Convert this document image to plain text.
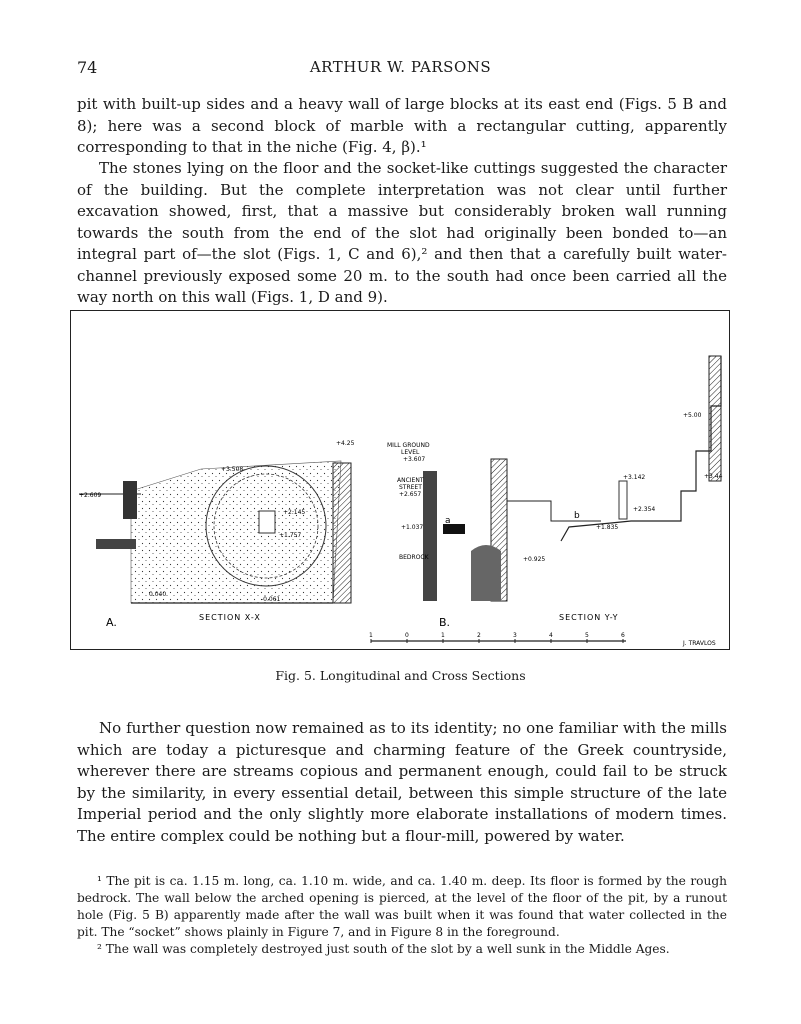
74	ARTHUR W. PARSONS

pit with built-up sides and a heavy wall of large blocks at its east end (Figs. 5 B and 8); here was a second block of marble with a rectangular cutting, apparently corresponding to that in the niche (Fig. 4, β).¹

The stones lying on the floor and the socket-like cuttings suggested the character of the building. But the complete interpretation was not clear until further excavation showed, first, that a massive but considerably broken wall running towards the south from the end of the slot had originally been bonded to—an integral part of—the slot (Figs. 1, C and 6),² and then that a carefully built water-channel previously exposed some 20 m. to the south had once been carried all the way north on this wall (Figs. 1, D and 9).

+2.609
+3.508
+4.25
+2.145
+1.757
-0.061
0.040
A.	SECTION X-X
MILL GROUND
LEVEL
+3.607
ANCIENT
STREET
+2.657
BEDROCK
+5.00
+3.44
+3.142
+2.354
+1.835
+1.037
+0.925
a	b
B.	SECTION Y-Y
1	0	1	2	3	4	5	6
J. TRAVLOS
Fig. 5. Longitudinal and Cross Sections

No further question now remained as to its identity; no one familiar with the mills which are today a picturesque and charming feature of the Greek countryside, wherever there are streams copious and permanent enough, could fail to be struck by the similarity, in every essential detail, between this simple structure of the late Imperial period and the only slightly more elaborate installations of modern times. The entire complex could be nothing but a flour-mill, powered by water.

¹ The pit is ca. 1.15 m. long, ca. 1.10 m. wide, and ca. 1.40 m. deep. Its floor is formed by the rough bedrock. The wall below the arched opening is pierced, at the level of the floor of the pit, by a runout hole (Fig. 5 B) apparently made after the wall was built when it was found that water collected in the pit. The “socket” shows plainly in Figure 7, and in Figure 8 in the foreground.

² The wall was completely destroyed just south of the slot by a well sunk in the Middle Ages.
